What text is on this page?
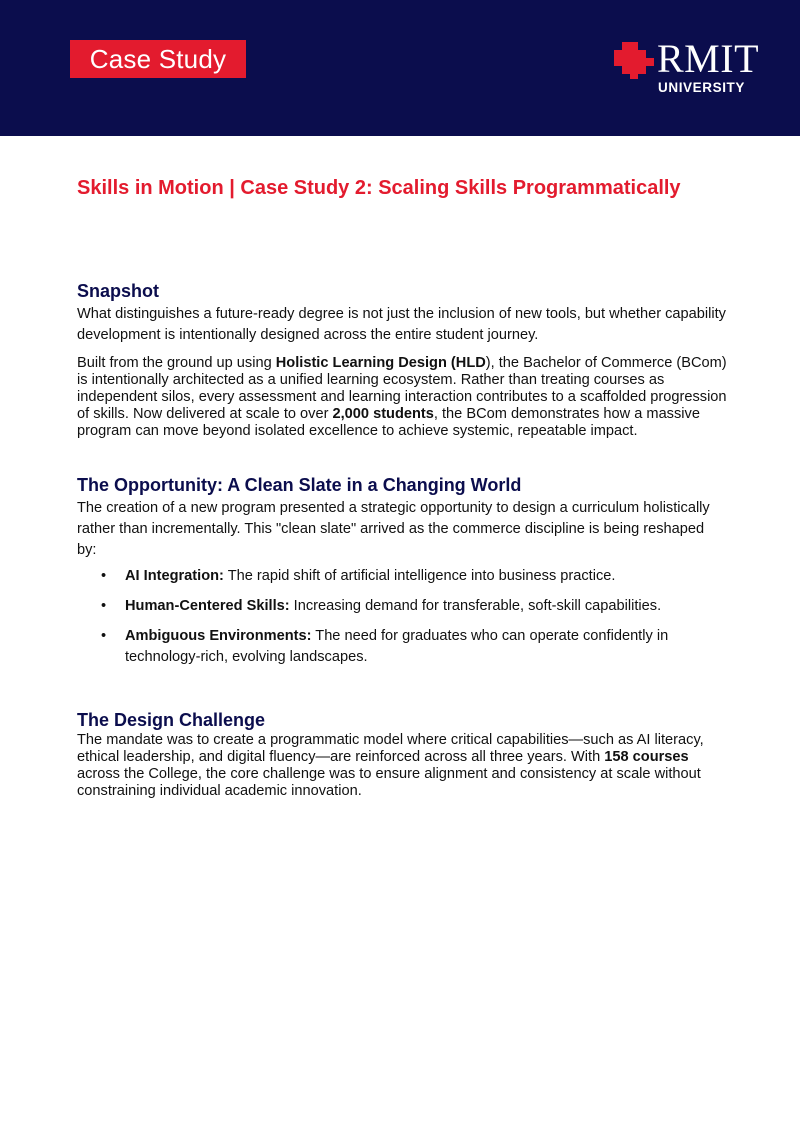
Case Study	RMIT
UNIVERSITY
Skills in Motion | Case Study 2: Scaling Skills Programmatically
Snapshot

What distinguishes a future-ready degree is not just the inclusion of new tools, but whether capability development is intentionally designed across the entire student journey.

Built from the ground up using Holistic Learning Design (HLD), the Bachelor of Commerce (BCom) is intentionally architected as a unified learning ecosystem. Rather than treating courses as independent silos, every assessment and learning interaction contributes to a scaffolded progression of skills. Now delivered at scale to over 2,000 students, the BCom demonstrates how a massive program can move beyond isolated excellence to achieve systemic, repeatable impact.

The Opportunity: A Clean Slate in a Changing World

The creation of a new program presented a strategic opportunity to design a curriculum holistically rather than incrementally. This "clean slate" arrived as the commerce discipline is being reshaped by:

• AI Integration: The rapid shift of artificial intelligence into business practice.
• Human-Centered Skills: Increasing demand for transferable, soft-skill capabilities.
• Ambiguous Environments: The need for graduates who can operate confidently in technology-rich, evolving landscapes.
The Design Challenge

The mandate was to create a programmatic model where critical capabilities—such as AI literacy, ethical leadership, and digital fluency—are reinforced across all three years. With 158 courses across the College, the core challenge was to ensure alignment and consistency at scale without constraining individual academic innovation.
